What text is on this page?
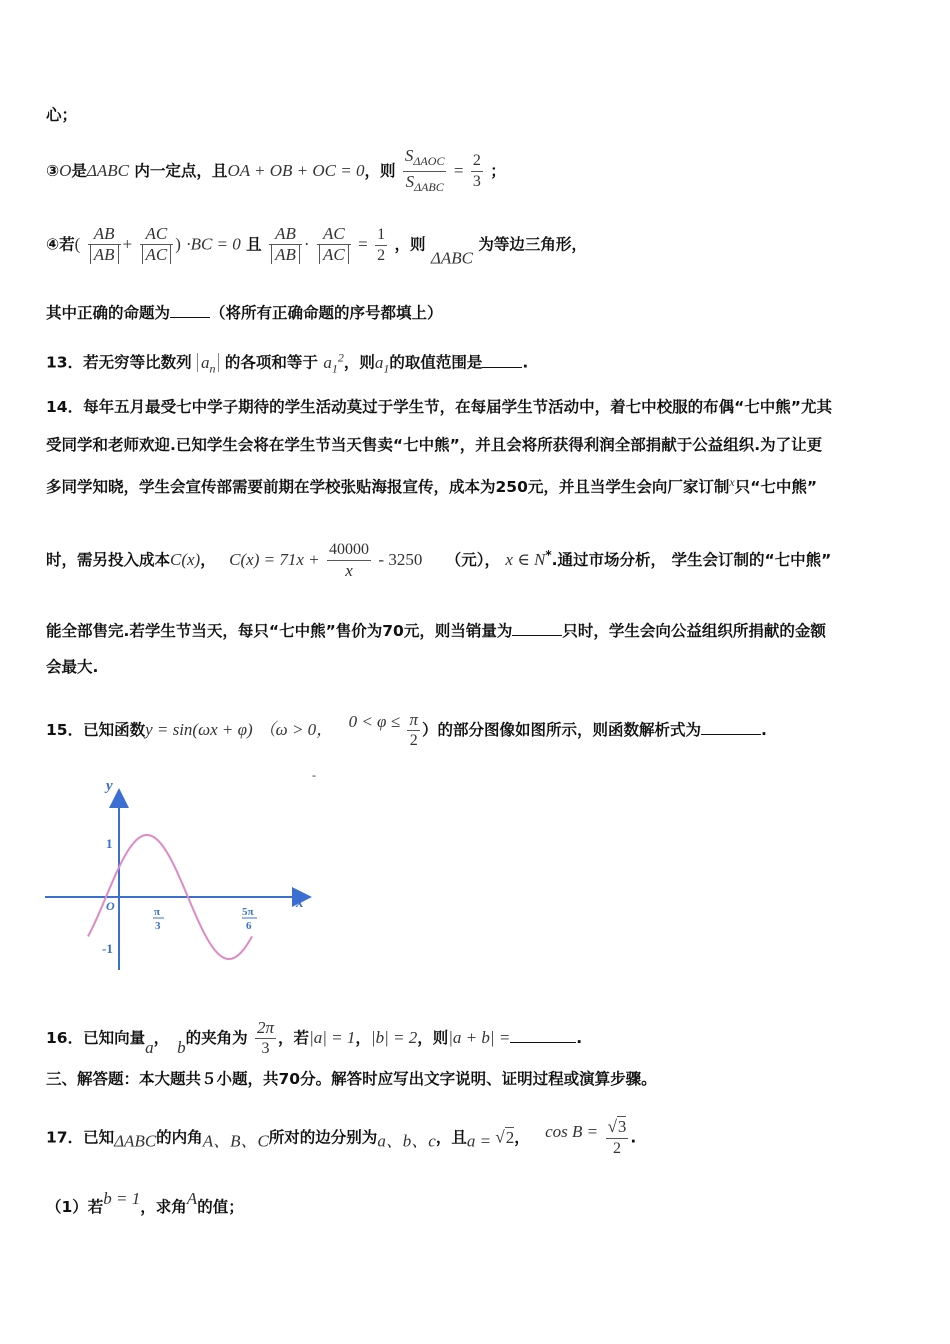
心；
③O是ΔABC 内一定点，且OA + OB + OC = 0，则 $\frac{S_{\Delta AOC}}{S_{\Delta ABC}} = \frac{2}{3}$ ；
④若( $\frac{AB}{AB} + \frac{AC}{AC}$ ) ·BC = 0 且 $\frac{AB}{AB} \cdot \frac{AC}{AC} = \frac{1}{2}$ ，则 ΔABC 为等边三角形，
其中正确的命题为	（将所有正确命题的序号都填上）
13．若无穷等比数列 $a_n$ 的各项和等于 $a_1^2$，则$a_1$的取值范围是	.
14．每年五月最受七中学子期待的学生活动莫过于学生节，在每届学生节活动中，着七中校服的布偶“七中熊”尤其
受同学和老师欢迎.已知学生会将在学生节当天售卖“七中熊”，并且会将所获得利润全部捐献于公益组织.为了让更
多同学知晓，学生会宣传部需要前期在学校张贴海报宣传，成本为250元，并且当学生会向厂家订制$^x$只“七中熊”
时，需另投入成本C(x)， $C(x) = 71x + \frac{40000}{x} - 3250$ （元）， x ∈ N*.通过市场分析， 学生会订制的“七中熊”
能全部售完.若学生节当天，每只“七中熊”售价为70元，则当销量为	只时，学生会向公益组织所捐献的金额
会最大.
15．已知函数y = sin(ωx + φ) （ω > 0， $0 < \varphi \le \frac{\pi}{2}$ ）的部分图像如图所示，则函数解析式为	.
y
x
O
1
-1
π
3
5π
6
-
16．已知向量a， b的夹角为 $\frac{2\pi}{3}$ ，若|a| = 1，|b| = 2，则|a + b| =	.
三、解答题：本大题共５小题，共70分。解答时应写出文字说明、证明过程或演算步骤。
17．已知ΔABC的内角A、B、C所对的边分别为a、b、c，且a = √2， $\cos B = \frac{√3}{2}$ .
（1）若b = 1，求角A的值；
